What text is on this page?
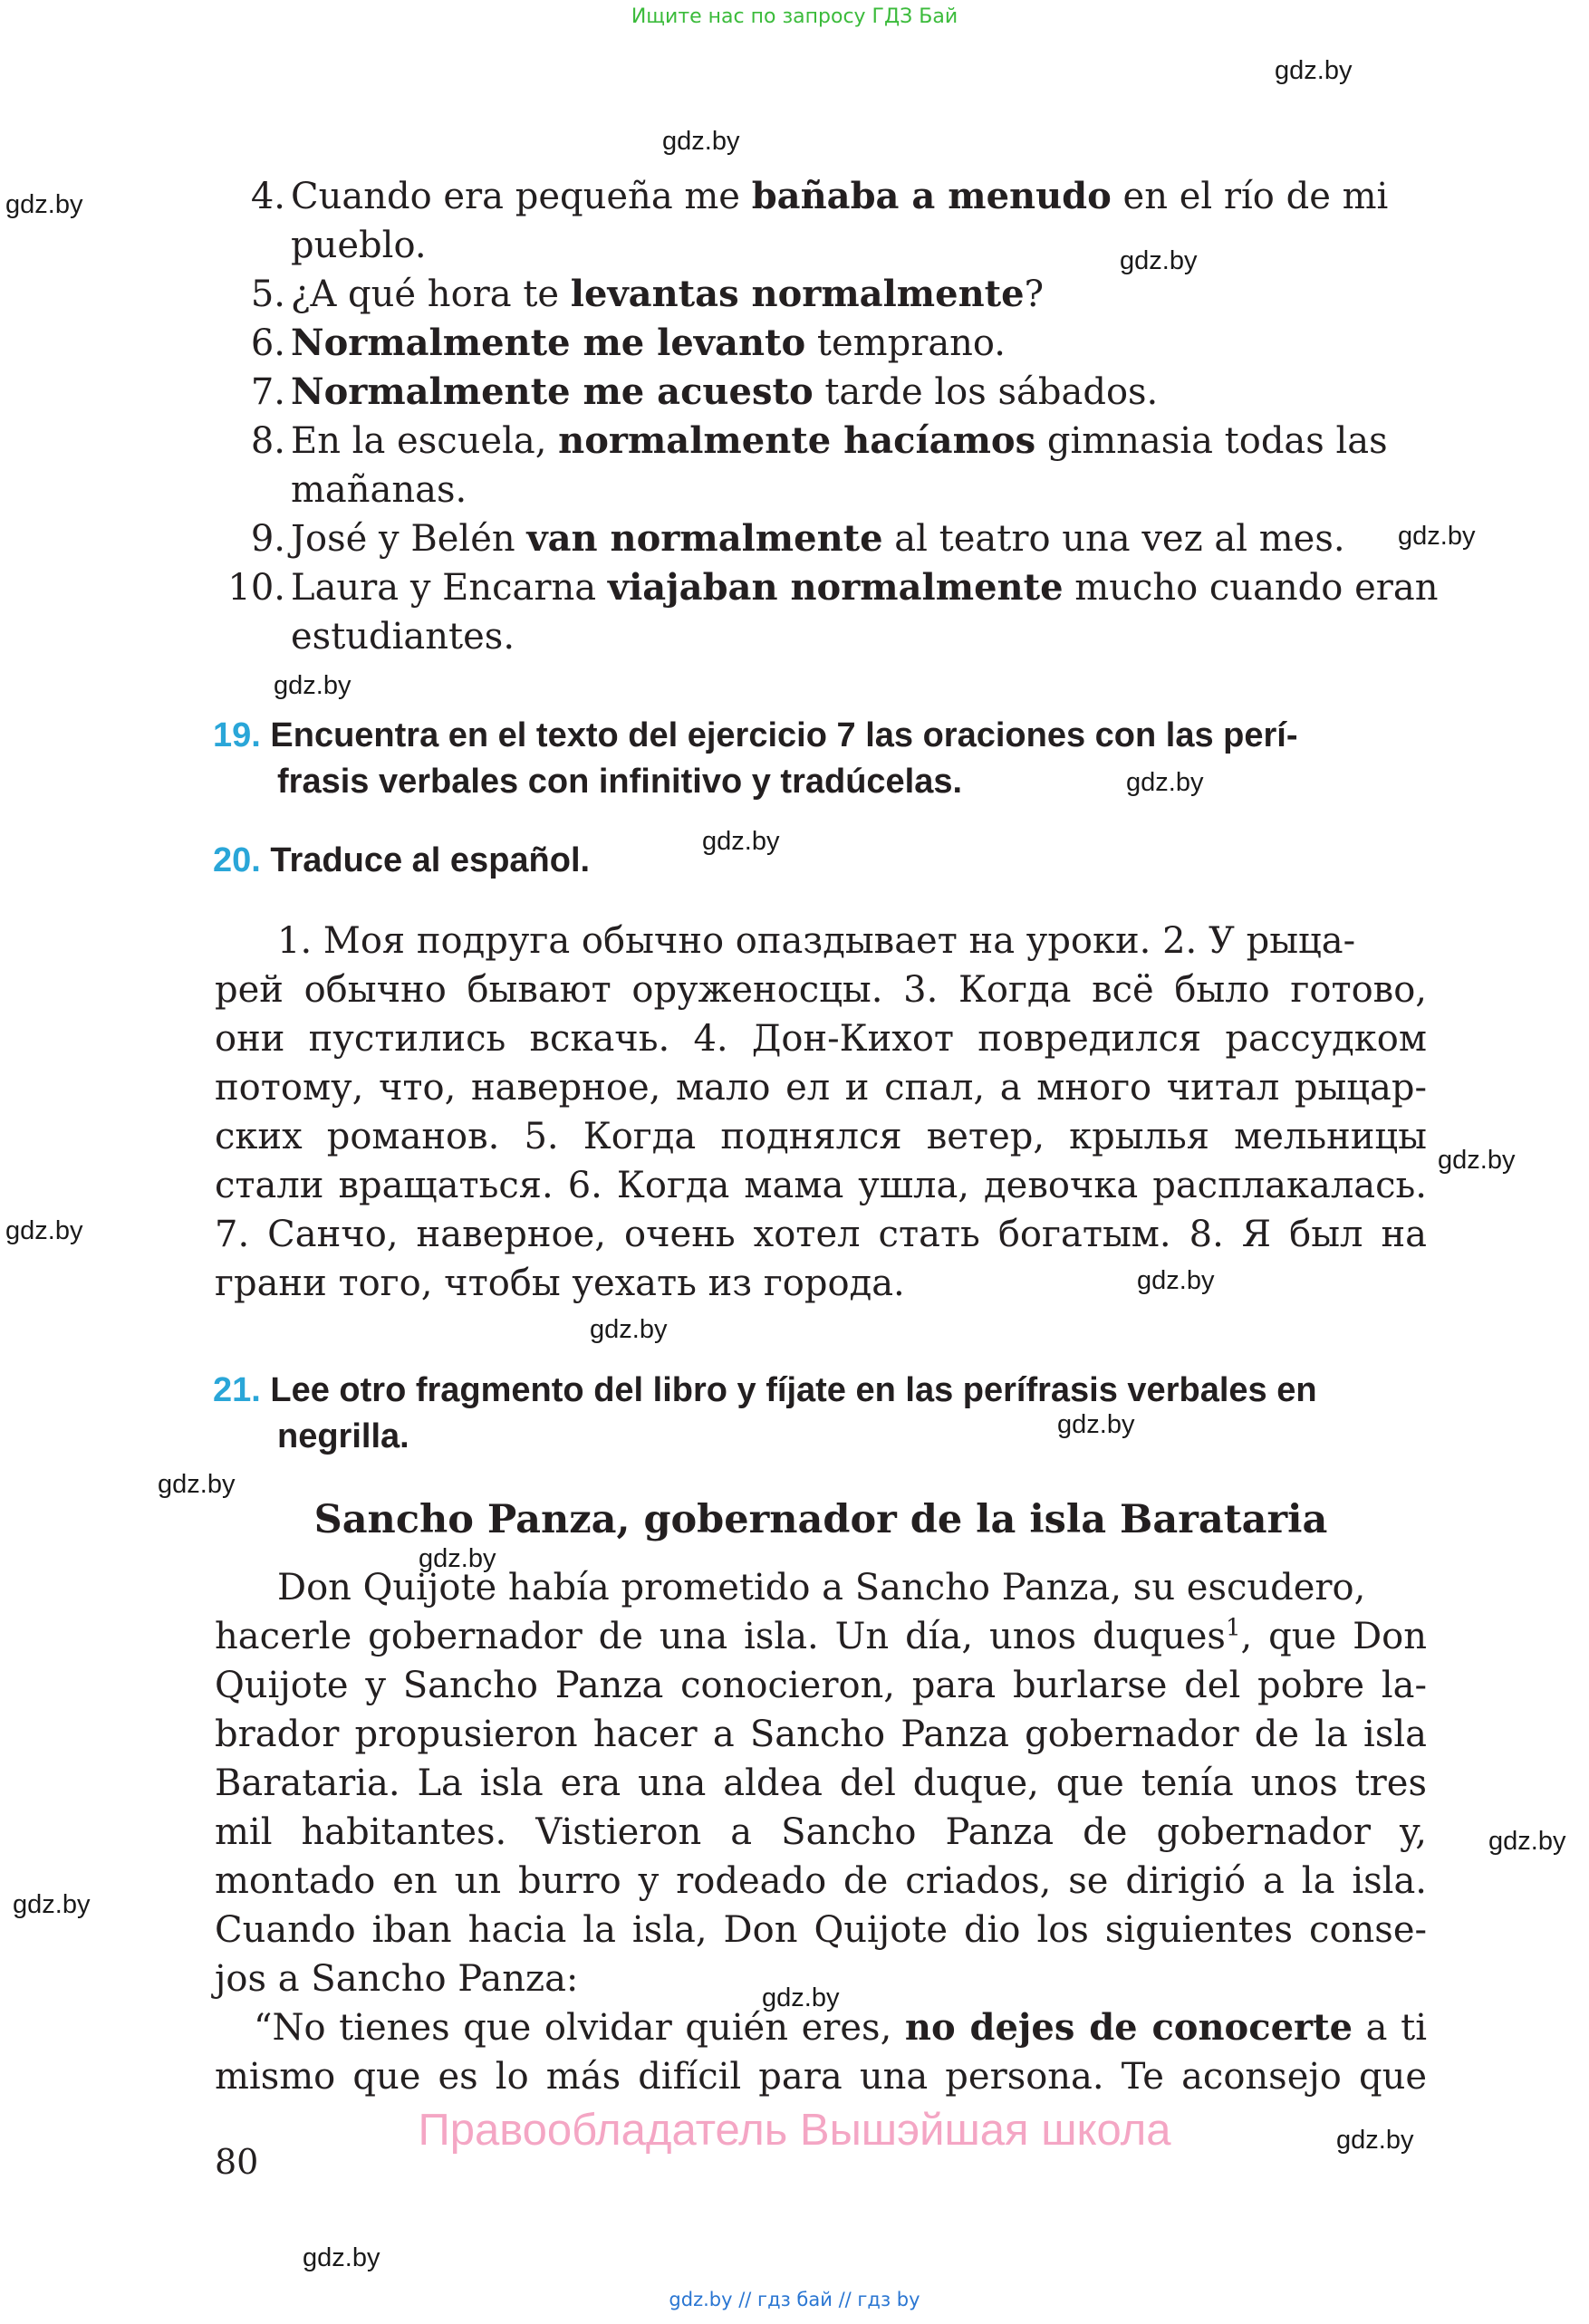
Ищите нас по запросу ГДЗ Бай
gdz.by
gdz.by
gdz.by
gdz.by
gdz.by
gdz.by
gdz.by
gdz.by
gdz.by
gdz.by
gdz.by
gdz.by
gdz.by
gdz.by
gdz.by
gdz.by
gdz.by
gdz.by
gdz.by
gdz.by
4. Cuando era pequeña me bañaba a menudo en el río de mi
pueblo.
5. ¿A qué hora te levantas normalmente?
6. Normalmente me levanto temprano.
7. Normalmente me acuesto tarde los sábados.
8. En la escuela, normalmente hacíamos gimnasia todas las
mañanas.
9. José y Belén van normalmente al teatro una vez al mes.
10. Laura y Encarna viajaban normalmente mucho cuando eran
estudiantes.
19. Encuentra en el texto del ejercicio 7 las oraciones con las perí-
frasis verbales con infinitivo y tradúcelas.
20. Traduce al español.
1. Моя подруга обычно опаздывает на уроки. 2. У рыца-
рей обычно бывают оруженосцы. 3. Когда всё было готово,
они пустились вскачь. 4. Дон-Кихот повредился рассудком
потому, что, наверное, мало ел и спал, а много читал рыцар-
ских романов. 5. Когда поднялся ветер, крылья мельницы
стали вращаться. 6. Когда мама ушла, девочка расплакалась.
7. Санчо, наверное, очень хотел стать богатым. 8. Я был на
грани того, чтобы уехать из города.
21. Lee otro fragmento del libro y fíjate en las perífrasis verbales en
negrilla.
Sancho Panza, gobernador de la isla Barataria
Don Quijote había prometido a Sancho Panza, su escudero,
hacerle gobernador de una isla. Un día, unos duques$^1$, que Don
Quijote y Sancho Panza conocieron, para burlarse del pobre la-
brador propusieron hacer a Sancho Panza gobernador de la isla
Barataria. La isla era una aldea del duque, que tenía unos tres
mil habitantes. Vistieron a Sancho Panza de gobernador y,
montado en un burro y rodeado de criados, se dirigió a la isla.
Cuando iban hacia la isla, Don Quijote dio los siguientes conse-
jos a Sancho Panza:
“No tienes que olvidar quién eres, no dejes de conocerte a ti
mismo que es lo más difícil para una persona. Te aconsejo que
Правообладатель Вышэйшая школа
80
gdz.by // гдз бай // гдз by
